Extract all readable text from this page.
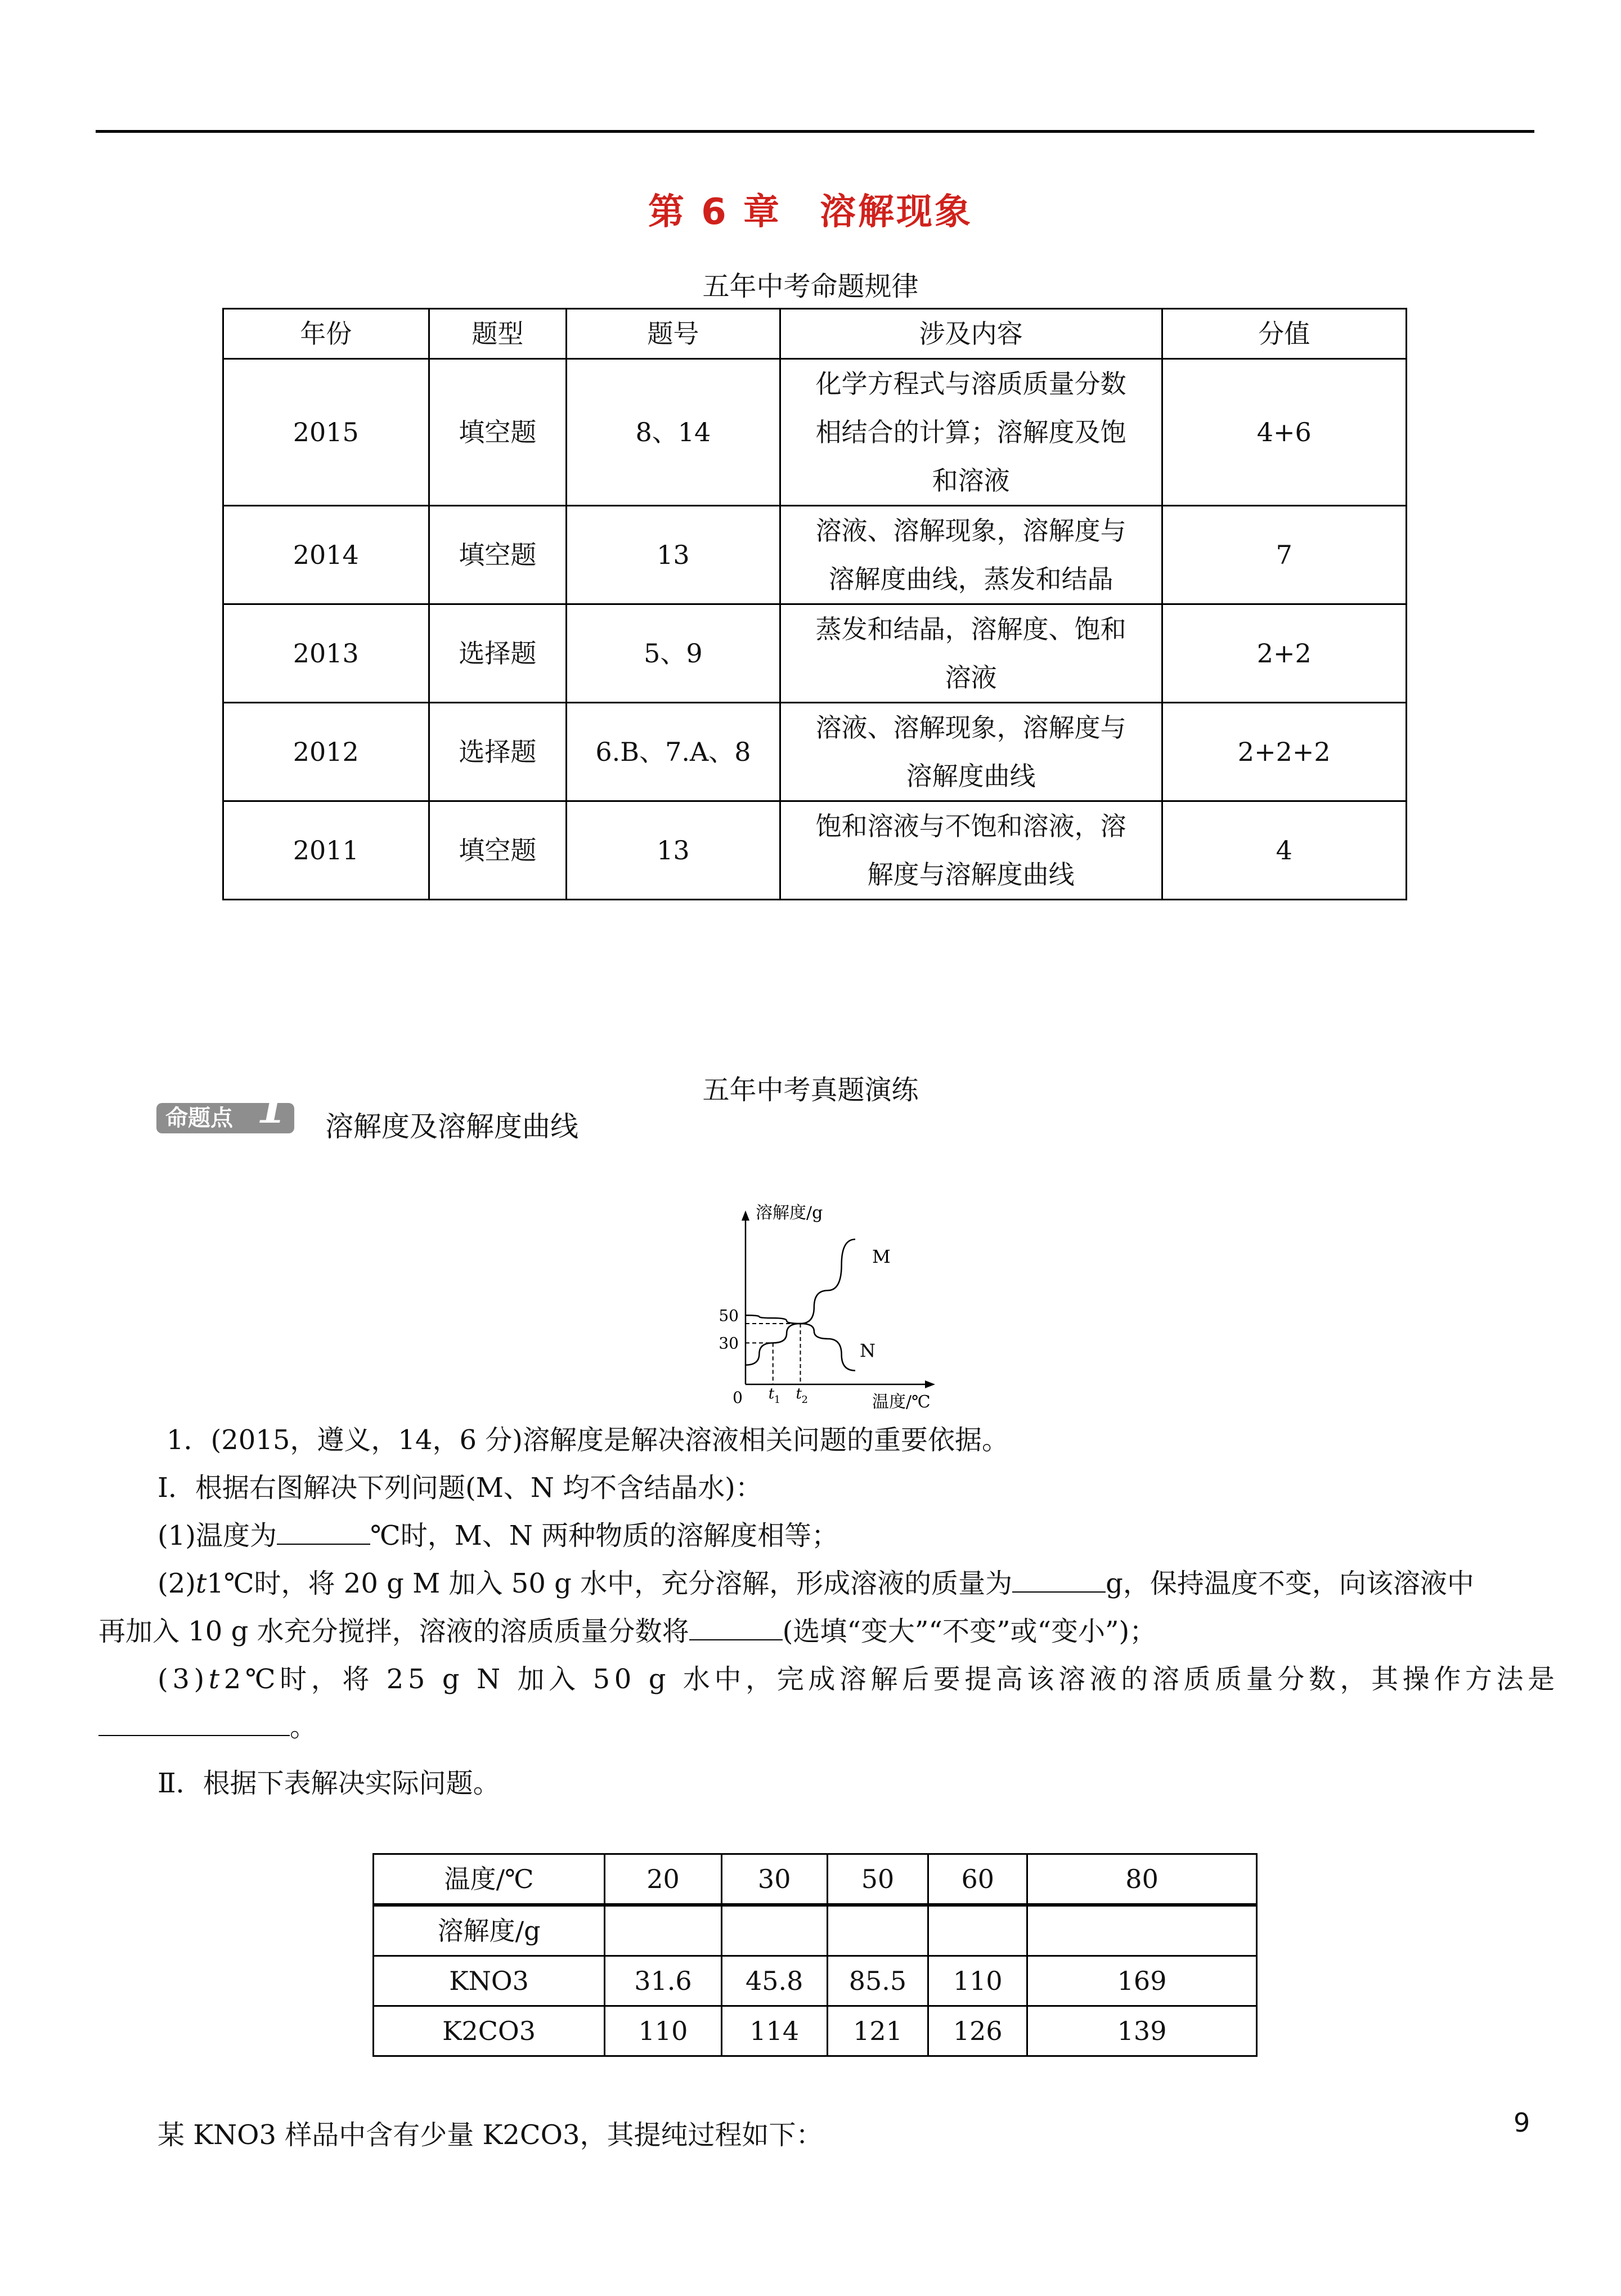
第 6 章　溶解现象
五年中考命题规律
年份	题型	题号	涉及内容	分值
2015	填空题	8、14	化学方程式与溶质质量分数
相结合的计算；溶解度及饱
和溶液	4+6
2014	填空题	13	溶液、溶解现象，溶解度与
溶解度曲线，蒸发和结晶	7
2013	选择题	5、9	蒸发和结晶，溶解度、饱和
溶液	2+2
2012	选择题	6.B、7.A、8	溶液、溶解现象，溶解度与
溶解度曲线	2+2+2
2011	填空题	13	饱和溶液与不饱和溶液，溶
解度与溶解度曲线	4
五年中考真题演练
命题点 1 溶解度及溶解度曲线
溶解度/g
温度/℃
0
M
N
50
30
t 1 t 2
1．(2015，遵义，14，6 分)溶解度是解决溶液相关问题的重要依据。
Ⅰ．根据右图解决下列问题(M、N 均不含结晶水)：
(1)温度为	℃时，M、N 两种物质的溶解度相等；
(2)t1℃时，将 20 g M 加入 50 g 水中，充分溶解，形成溶液的质量为	g，保持温度不变，向该溶液中
再加入 10 g 水充分搅拌，溶液的溶质质量分数将	(选填“变大”“不变”或“变小”)；
(3)t2℃时，将 25 g N 加入 50 g 水中，完成溶解后要提高该溶液的溶质质量分数，其操作方法是
。
Ⅱ．根据下表解决实际问题。
温度/℃	20	30	50	60	80

溶解度/g					
KNO3	31.6	45.8	85.5	110	169
K2CO3	110	114	121	126	139
某 KNO3 样品中含有少量 K2CO3，其提纯过程如下：	9
